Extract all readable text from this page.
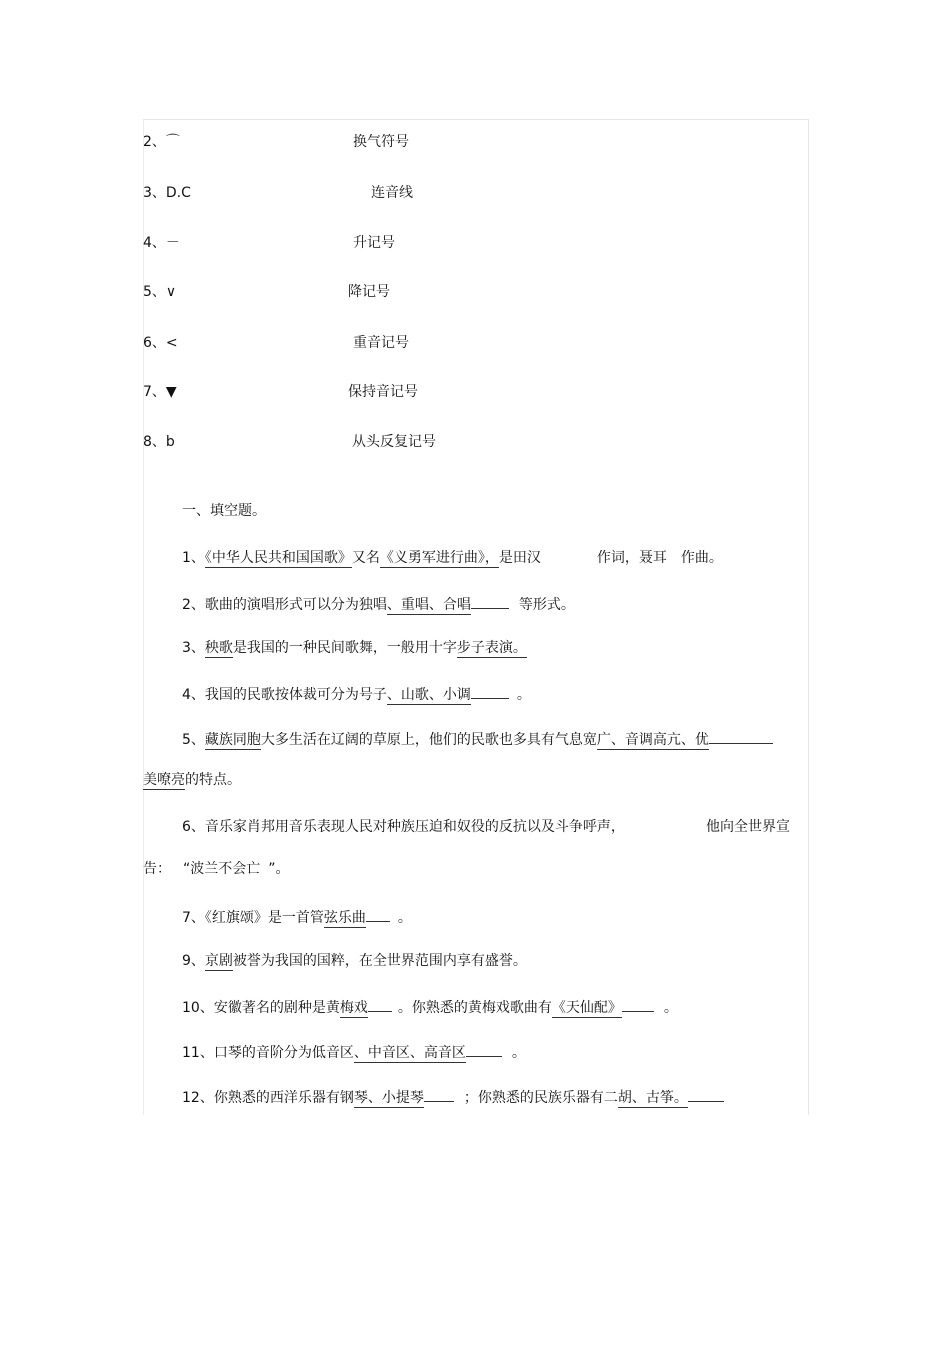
2、⌒	换气符号
3、D.C	连音线
4、－	升记号
5、∨	降记号
6、<	重音记号
7、▼	保持音记号
8、b	从头反复记号
一、填空题。
1、《中华人民共和国国歌》又名《义勇军进行曲》，是田汉	作词，聂耳 作曲。
2、歌曲的演唱形式可以分为独唱、重唱、合唱	等形式。
3、秧歌是我国的一种民间歌舞，一般用十字步子表演。
4、我国的民歌按体裁可分为号子、山歌、小调	。
5、藏族同胞大多生活在辽阔的草原上，他们的民歌也多具有气息宽广、音调高亢、优
美嘹亮的特点。
6、音乐家肖邦用音乐表现人民对种族压迫和奴役的反抗以及斗争呼声，	他向全世界宣
告： “波兰不会亡 ”。
7、《红旗颂》是一首管弦乐曲 。
9、京剧被誉为我国的国粹，在全世界范围内享有盛誉。
10、安徽著名的剧种是黄梅戏 。你熟悉的黄梅戏歌曲有《天仙配》	。
11、口琴的音阶分为低音区、中音区、高音区	。
12、你熟悉的西洋乐器有钢琴、小提琴	；你熟悉的民族乐器有二胡、古筝。
